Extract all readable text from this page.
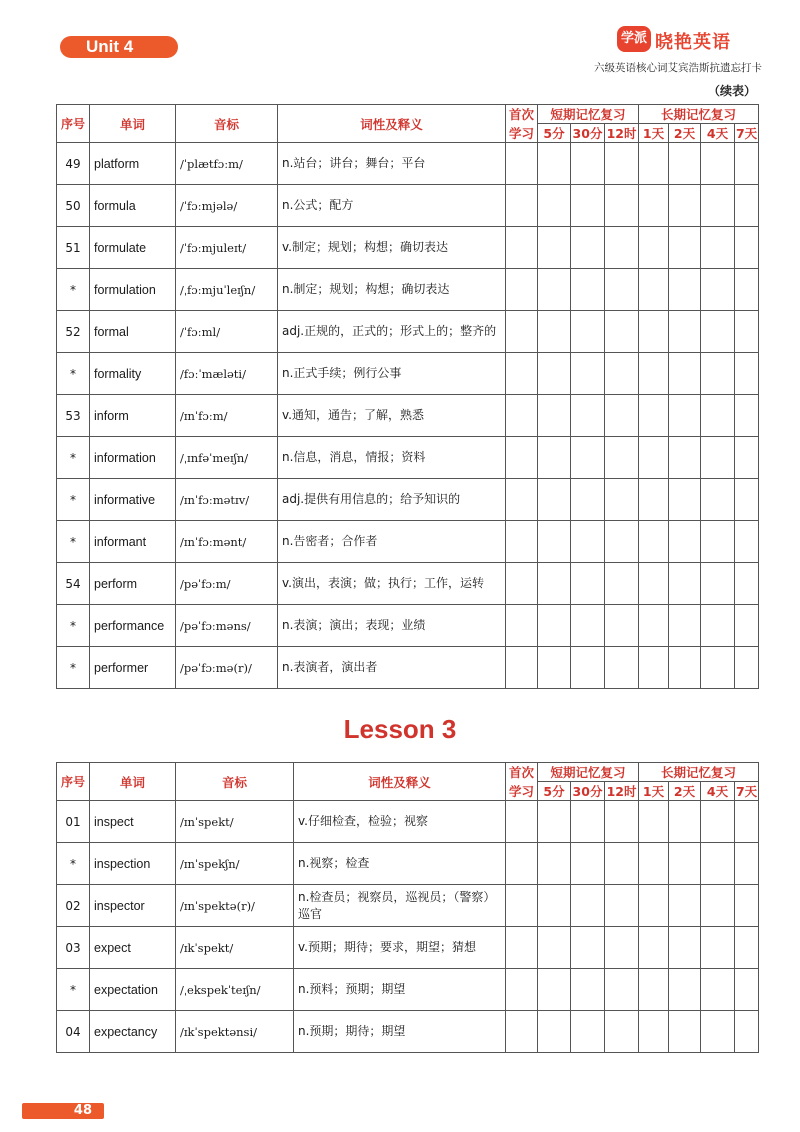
Unit 4	学派 晓艳英语
六级英语核心词艾宾浩斯抗遗忘打卡
（续表）
序号	单词	音标	词性及释义	首次	短期记忆复习			长期记忆复习			
				学习	5分	30分	12时	1天	2天	4天	7天
49	platform	/ˈplætfɔːm/	n.站台；讲台；舞台；平台								
50	formula	/ˈfɔːmjələ/	n.公式；配方								
51	formulate	/ˈfɔːmjuleɪt/	v.制定；规划；构想；确切表达								
*	formulation	/ˌfɔːmjuˈleɪʃn/	n.制定；规划；构想；确切表达								
52	formal	/ˈfɔːml/	adj.正规的，正式的；形式上的；整齐的								
*	formality	/fɔːˈmæləti/	n.正式手续；例行公事								
53	inform	/ɪnˈfɔːm/	v.通知，通告；了解，熟悉								
*	information	/ˌɪnfəˈmeɪʃn/	n.信息，消息，情报；资料								
*	informative	/ɪnˈfɔːmətɪv/	adj.提供有用信息的；给予知识的								
*	informant	/ɪnˈfɔːmənt/	n.告密者；合作者								
54	perform	/pəˈfɔːm/	v.演出，表演；做；执行；工作，运转								
*	performance	/pəˈfɔːməns/	n.表演；演出；表现；业绩								
*	performer	/pəˈfɔːmə(r)/	n.表演者，演出者								
Lesson 3
序号	单词	音标	词性及释义	首次	短期记忆复习			长期记忆复习			
				学习	5分	30分	12时	1天	2天	4天	7天
01	inspect	/ɪnˈspekt/	v.仔细检查，检验；视察								
*	inspection	/ɪnˈspekʃn/	n.视察；检查								
02	inspector	/ɪnˈspektə(r)/	n.检查员；视察员，巡视员；（警察）巡官								
03	expect	/ɪkˈspekt/	v.预期；期待；要求，期望；猜想								
*	expectation	/ˌekspekˈteɪʃn/	n.预料；预期；期望								
04	expectancy	/ɪkˈspektənsi/	n.预期；期待；期望								
48
